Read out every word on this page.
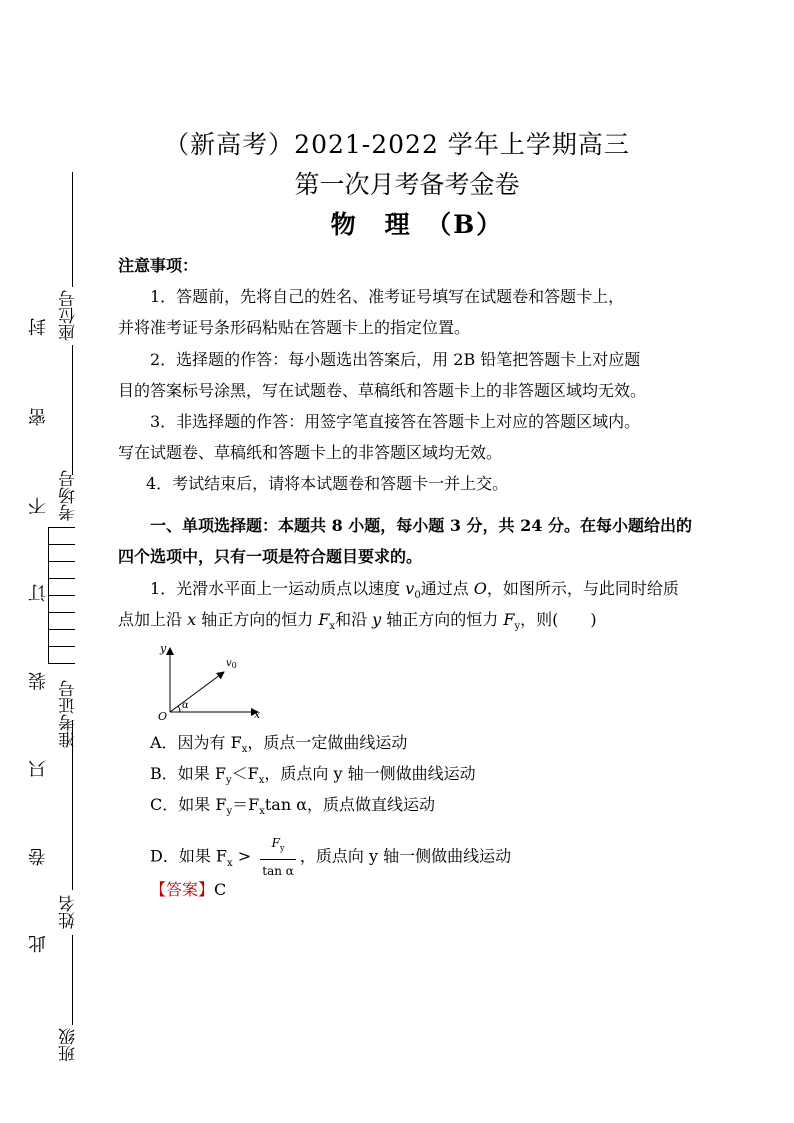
座位号
考场号
准考证号
姓名
班级
封
密
不
订
装
只
卷
此
（新高考）2021-2022 学年上学期高三
第一次月考备考金卷
物　理　（B）
注意事项：
1．答题前，先将自己的姓名、准考证号填写在试题卷和答题卡上，
并将准考证号条形码粘贴在答题卡上的指定位置。
2．选择题的作答：每小题选出答案后，用 2B 铅笔把答题卡上对应题
目的答案标号涂黑，写在试题卷、草稿纸和答题卡上的非答题区域均无效。
3．非选择题的作答：用签字笔直接答在答题卡上对应的答题区域内。
写在试题卷、草稿纸和答题卡上的非答题区域均无效。
4．考试结束后，请将本试题卷和答题卡一并上交。
一、单项选择题：本题共 8 小题，每小题 3 分，共 24 分。在每小题给出的
四个选项中，只有一项是符合题目要求的。
1．光滑水平面上一运动质点以速度 $v_0$通过点 O，如图所示，与此同时给质
点加上沿 x 轴正方向的恒力 $F_x$和沿 y 轴正方向的恒力 $F_y$，则(　　)
y
x
O
$v_0$
α
A．因为有 $F_x$，质点一定做曲线运动
B．如果 $F_y<F_x$，质点向 y 轴一侧做曲线运动
C．如果 $F_y=F_x\tan$ α，质点做直线运动
D．如果 $F_x > \frac{F_y}{\text{tan α}}$ ，质点向 y 轴一侧做曲线运动
【答案】C
